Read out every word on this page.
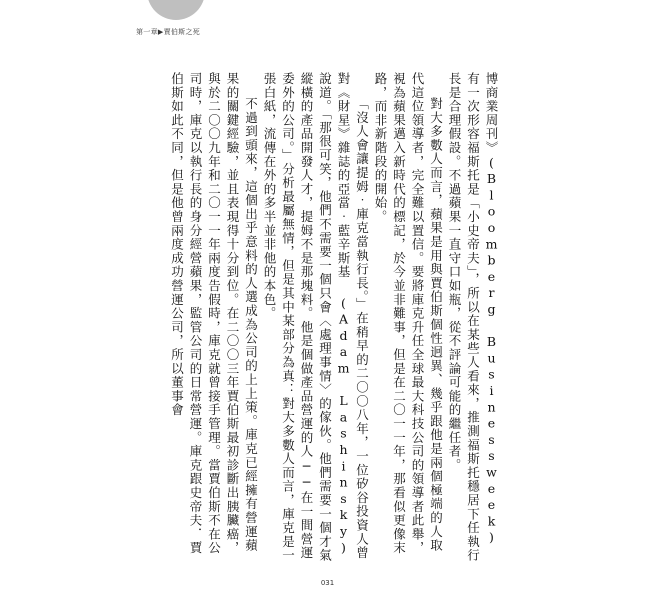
第一章▶賈伯斯之死

博商業周刊》(Bloomberg Businessweek) 有一次形容福斯托是「小史帝夫」，所以在某些人看來，推測福斯托穩居下任執行長是合理假設。不過蘋果一直守口如瓶，從不評論可能的繼任者。

對大多數人而言，蘋果是用與賈伯斯個性迥異、幾乎跟他是兩個極端的人取代這位領導者，完全難以置信。要將庫克升任全球最大科技公司的領導者此舉，視為蘋果邁入新時代的標記，於今並非難事，但是在二〇一一年，那看似更像末路，而非新階段的開始。

「沒人會讓提姆‧庫克當執行長。」在稍早的二〇〇八年，一位矽谷投資人曾對《財星》雜誌的亞當‧藍辛斯基 (Adam Lashinsky) 說道。「那很可笑，他們不需要一個只會〈處理事情〉的傢伙。他們需要一個才氣縱橫的產品開發人才，提姆不是那塊料。他是個做產品營運的人──在一間營運委外的公司。」分析最屬無情，但是其中某部分為真：對大多數人而言，庫克是一張白紙，流傳在外的多半並非他的本色。

不過到頭來，這個出乎意料的人選成為公司的上上策。庫克已經擁有營運蘋果的關鍵經驗，並且表現得十分到位。在二〇〇三年賈伯斯最初診斷出胰臟癌，與於二〇〇九年和二〇一一年兩度告假時，庫克就曾接手管理。當賈伯斯不在公司時，庫克以執行長的身分經營蘋果，監管公司的日常營運。庫克跟史帝夫．賈伯斯如此不同，但是他曾兩度成功營運公司，所以董事會

031
